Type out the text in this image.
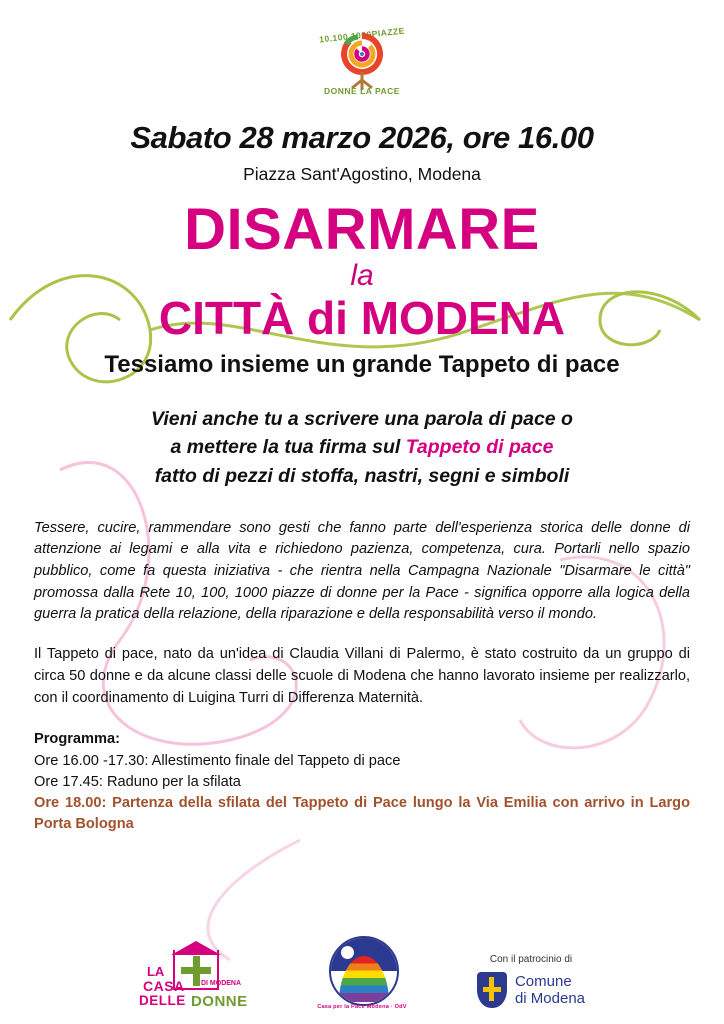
10.100.1000PIAZZE
DONNE LA PACE
Sabato 28 marzo 2026, ore 16.00
Piazza Sant'Agostino, Modena
DISARMARE
la
CITTÀ di MODENA
Tessiamo insieme un grande Tappeto di pace
Vieni anche tu a scrivere una parola di pace o
a mettere la tua firma sul Tappeto di pace
fatto di pezzi di stoffa, nastri, segni e simboli
Tessere, cucire, rammendare sono gesti che fanno parte dell'esperienza storica delle donne di attenzione ai legami e alla vita e richiedono pazienza, competenza, cura. Portarli nello spazio pubblico, come fa questa iniziativa - che rientra nella Campagna Nazionale "Disarmare le città" promossa dalla Rete 10, 100, 1000 piazze di donne per la Pace - significa opporre alla logica della guerra la pratica della relazione, della riparazione e della responsabilità verso il mondo.
Il Tappeto di pace, nato da un'idea di Claudia Villani di Palermo, è stato costruito da un gruppo di circa 50 donne e da alcune classi delle scuole di Modena che hanno lavorato insieme per realizzarlo, con il coordinamento di Luigina Turri di Differenza Maternità.
Programma:
Ore 16.00 -17.30: Allestimento finale del Tappeto di pace
Ore 17.45: Raduno per la sfilata
Ore 18.00: Partenza della sfilata del Tappeto di Pace lungo la Via Emilia con arrivo in Largo Porta Bologna
LA
CASA
DELLE DONNE
DI MODENA
Casa per la Pace Modena · OdV
Con il patrocinio di
Comune
di Modena
